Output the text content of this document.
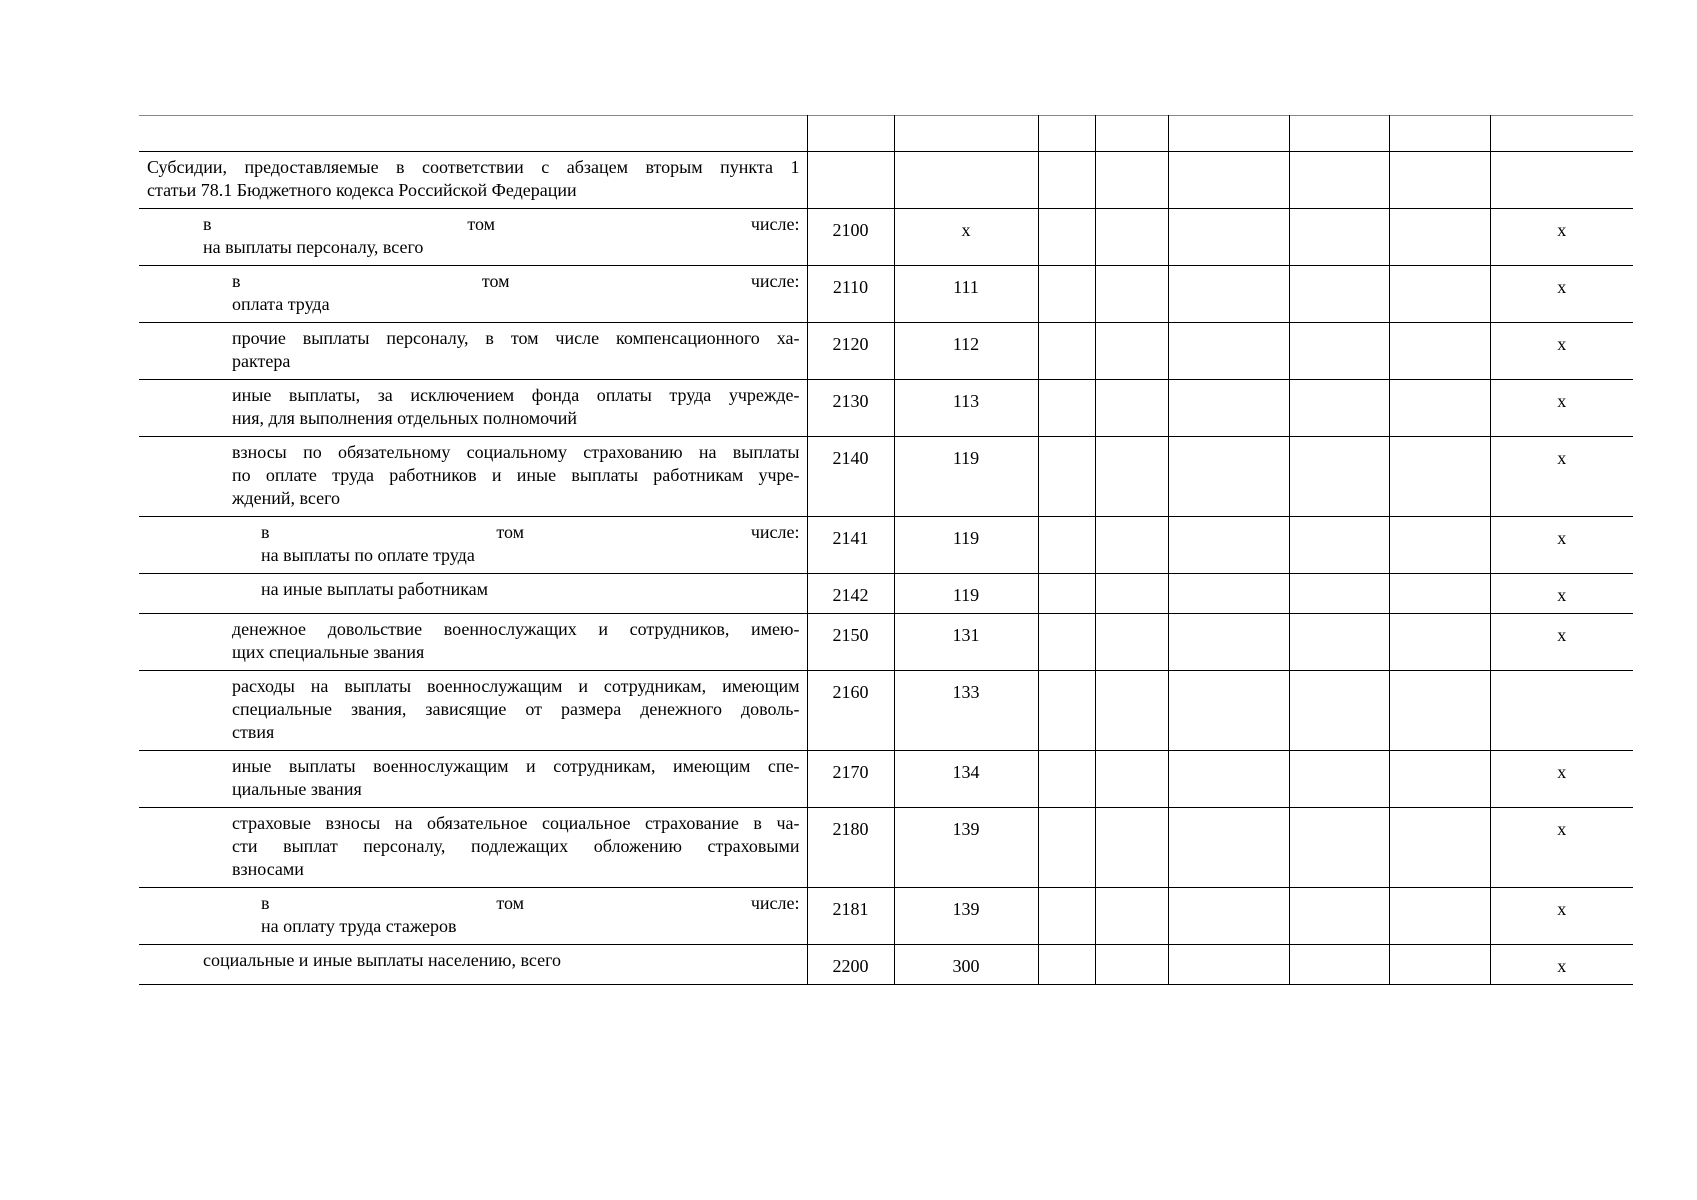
Субсидии, предоставляемые в соответствии с абзацем вторым пункта 1
статьи 78.1 Бюджетного кодекса Российской Федерации								

в том числе:
на выплаты персоналу, всего	2100	x						x

в том числе:
оплата труда	2110	111						x

прочие выплаты персоналу, в том числе компенсационного ха-
рактера	2120	112						x

иные выплаты, за исключением фонда оплаты труда учрежде-
ния, для выполнения отдельных полномочий	2130	113						x

взносы по обязательному социальному страхованию на выплаты
по оплате труда работников и иные выплаты работникам учре-
ждений, всего	2140	119						x

в том числе:
на выплаты по оплате труда	2141	119						x

на иные выплаты работникам	2142	119						x

денежное довольствие военнослужащих и сотрудников, имею-
щих специальные звания	2150	131						x

расходы на выплаты военнослужащим и сотрудникам, имеющим
специальные звания, зависящие от размера денежного доволь-
ствия	2160	133						

иные выплаты военнослужащим и сотрудникам, имеющим спе-
циальные звания	2170	134						x

страховые взносы на обязательное социальное страхование в ча-
сти выплат персоналу, подлежащих обложению страховыми
взносами	2180	139						x

в том числе:
на оплату труда стажеров	2181	139						x

социальные и иные выплаты населению, всего	2200	300						x
